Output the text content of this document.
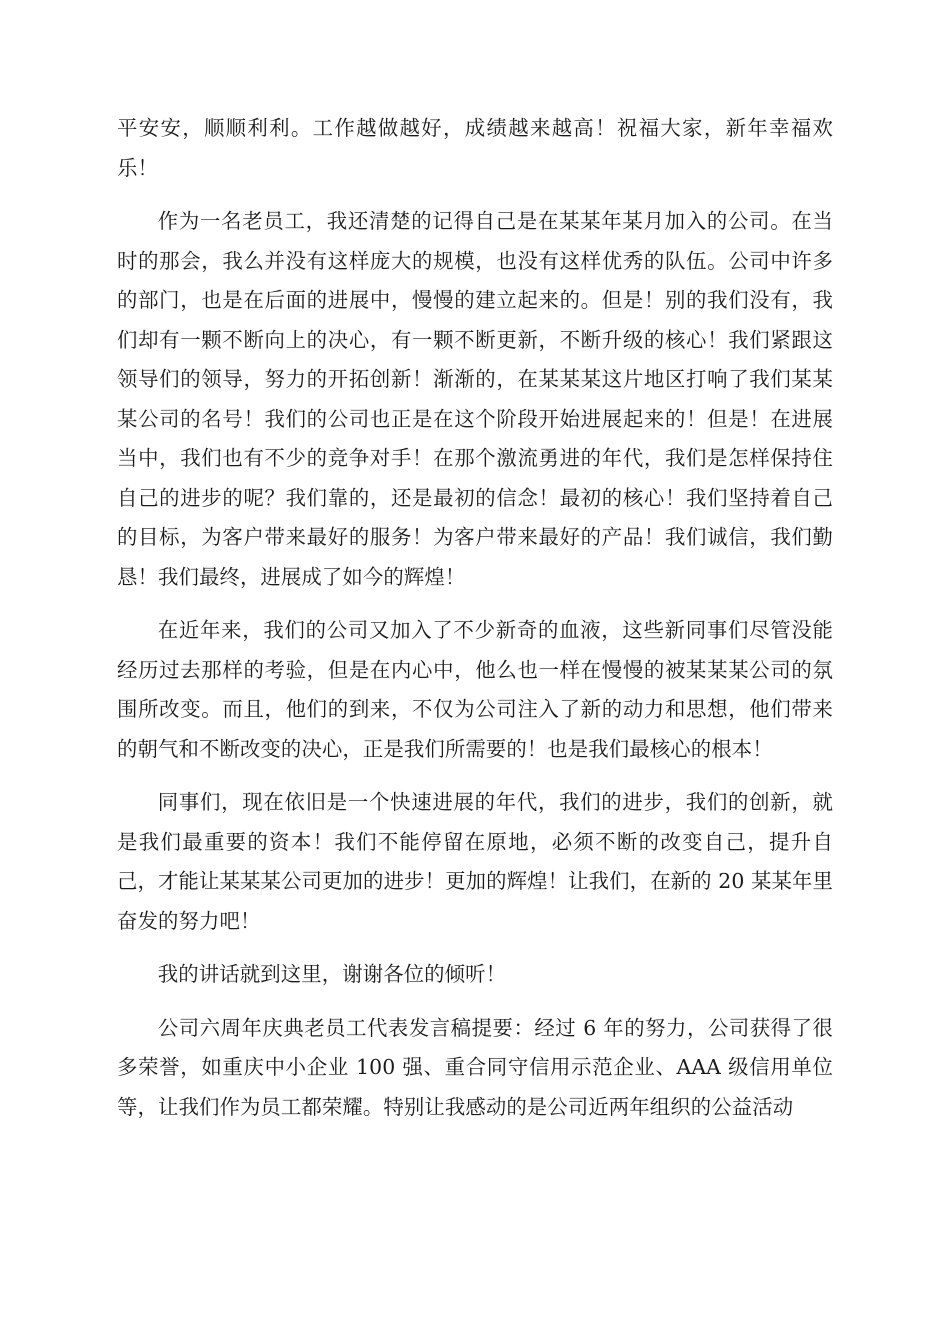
平安安，顺顺利利。工作越做越好，成绩越来越高！祝福大家，新年幸福欢乐！

作为一名老员工，我还清楚的记得自己是在某某年某月加入的公司。在当时的那会，我么并没有这样庞大的规模，也没有这样优秀的队伍。公司中许多的部门，也是在后面的进展中，慢慢的建立起来的。但是！别的我们没有，我们却有一颗不断向上的决心，有一颗不断更新，不断升级的核心！我们紧跟这领导们的领导，努力的开拓创新！渐渐的，在某某某这片地区打响了我们某某某公司的名号！我们的公司也正是在这个阶段开始进展起来的！但是！在进展当中，我们也有不少的竞争对手！在那个激流勇进的年代，我们是怎样保持住自己的进步的呢？我们靠的，还是最初的信念！最初的核心！我们坚持着自己的目标，为客户带来最好的服务！为客户带来最好的产品！我们诚信，我们勤恳！我们最终，进展成了如今的辉煌！

在近年来，我们的公司又加入了不少新奇的血液，这些新同事们尽管没能经历过去那样的考验，但是在内心中，他么也一样在慢慢的被某某某公司的氛围所改变。而且，他们的到来，不仅为公司注入了新的动力和思想，他们带来的朝气和不断改变的决心，正是我们所需要的！也是我们最核心的根本！

同事们，现在依旧是一个快速进展的年代，我们的进步，我们的创新，就是我们最重要的资本！我们不能停留在原地，必须不断的改变自己，提升自己，才能让某某某公司更加的进步！更加的辉煌！让我们，在新的 20 某某年里奋发的努力吧！

我的讲话就到这里，谢谢各位的倾听！

公司六周年庆典老员工代表发言稿提要：经过 6 年的努力，公司获得了很多荣誉，如重庆中小企业 100 强、重合同守信用示范企业、AAA 级信用单位等，让我们作为员工都荣耀。特别让我感动的是公司近两年组织的公益活动
